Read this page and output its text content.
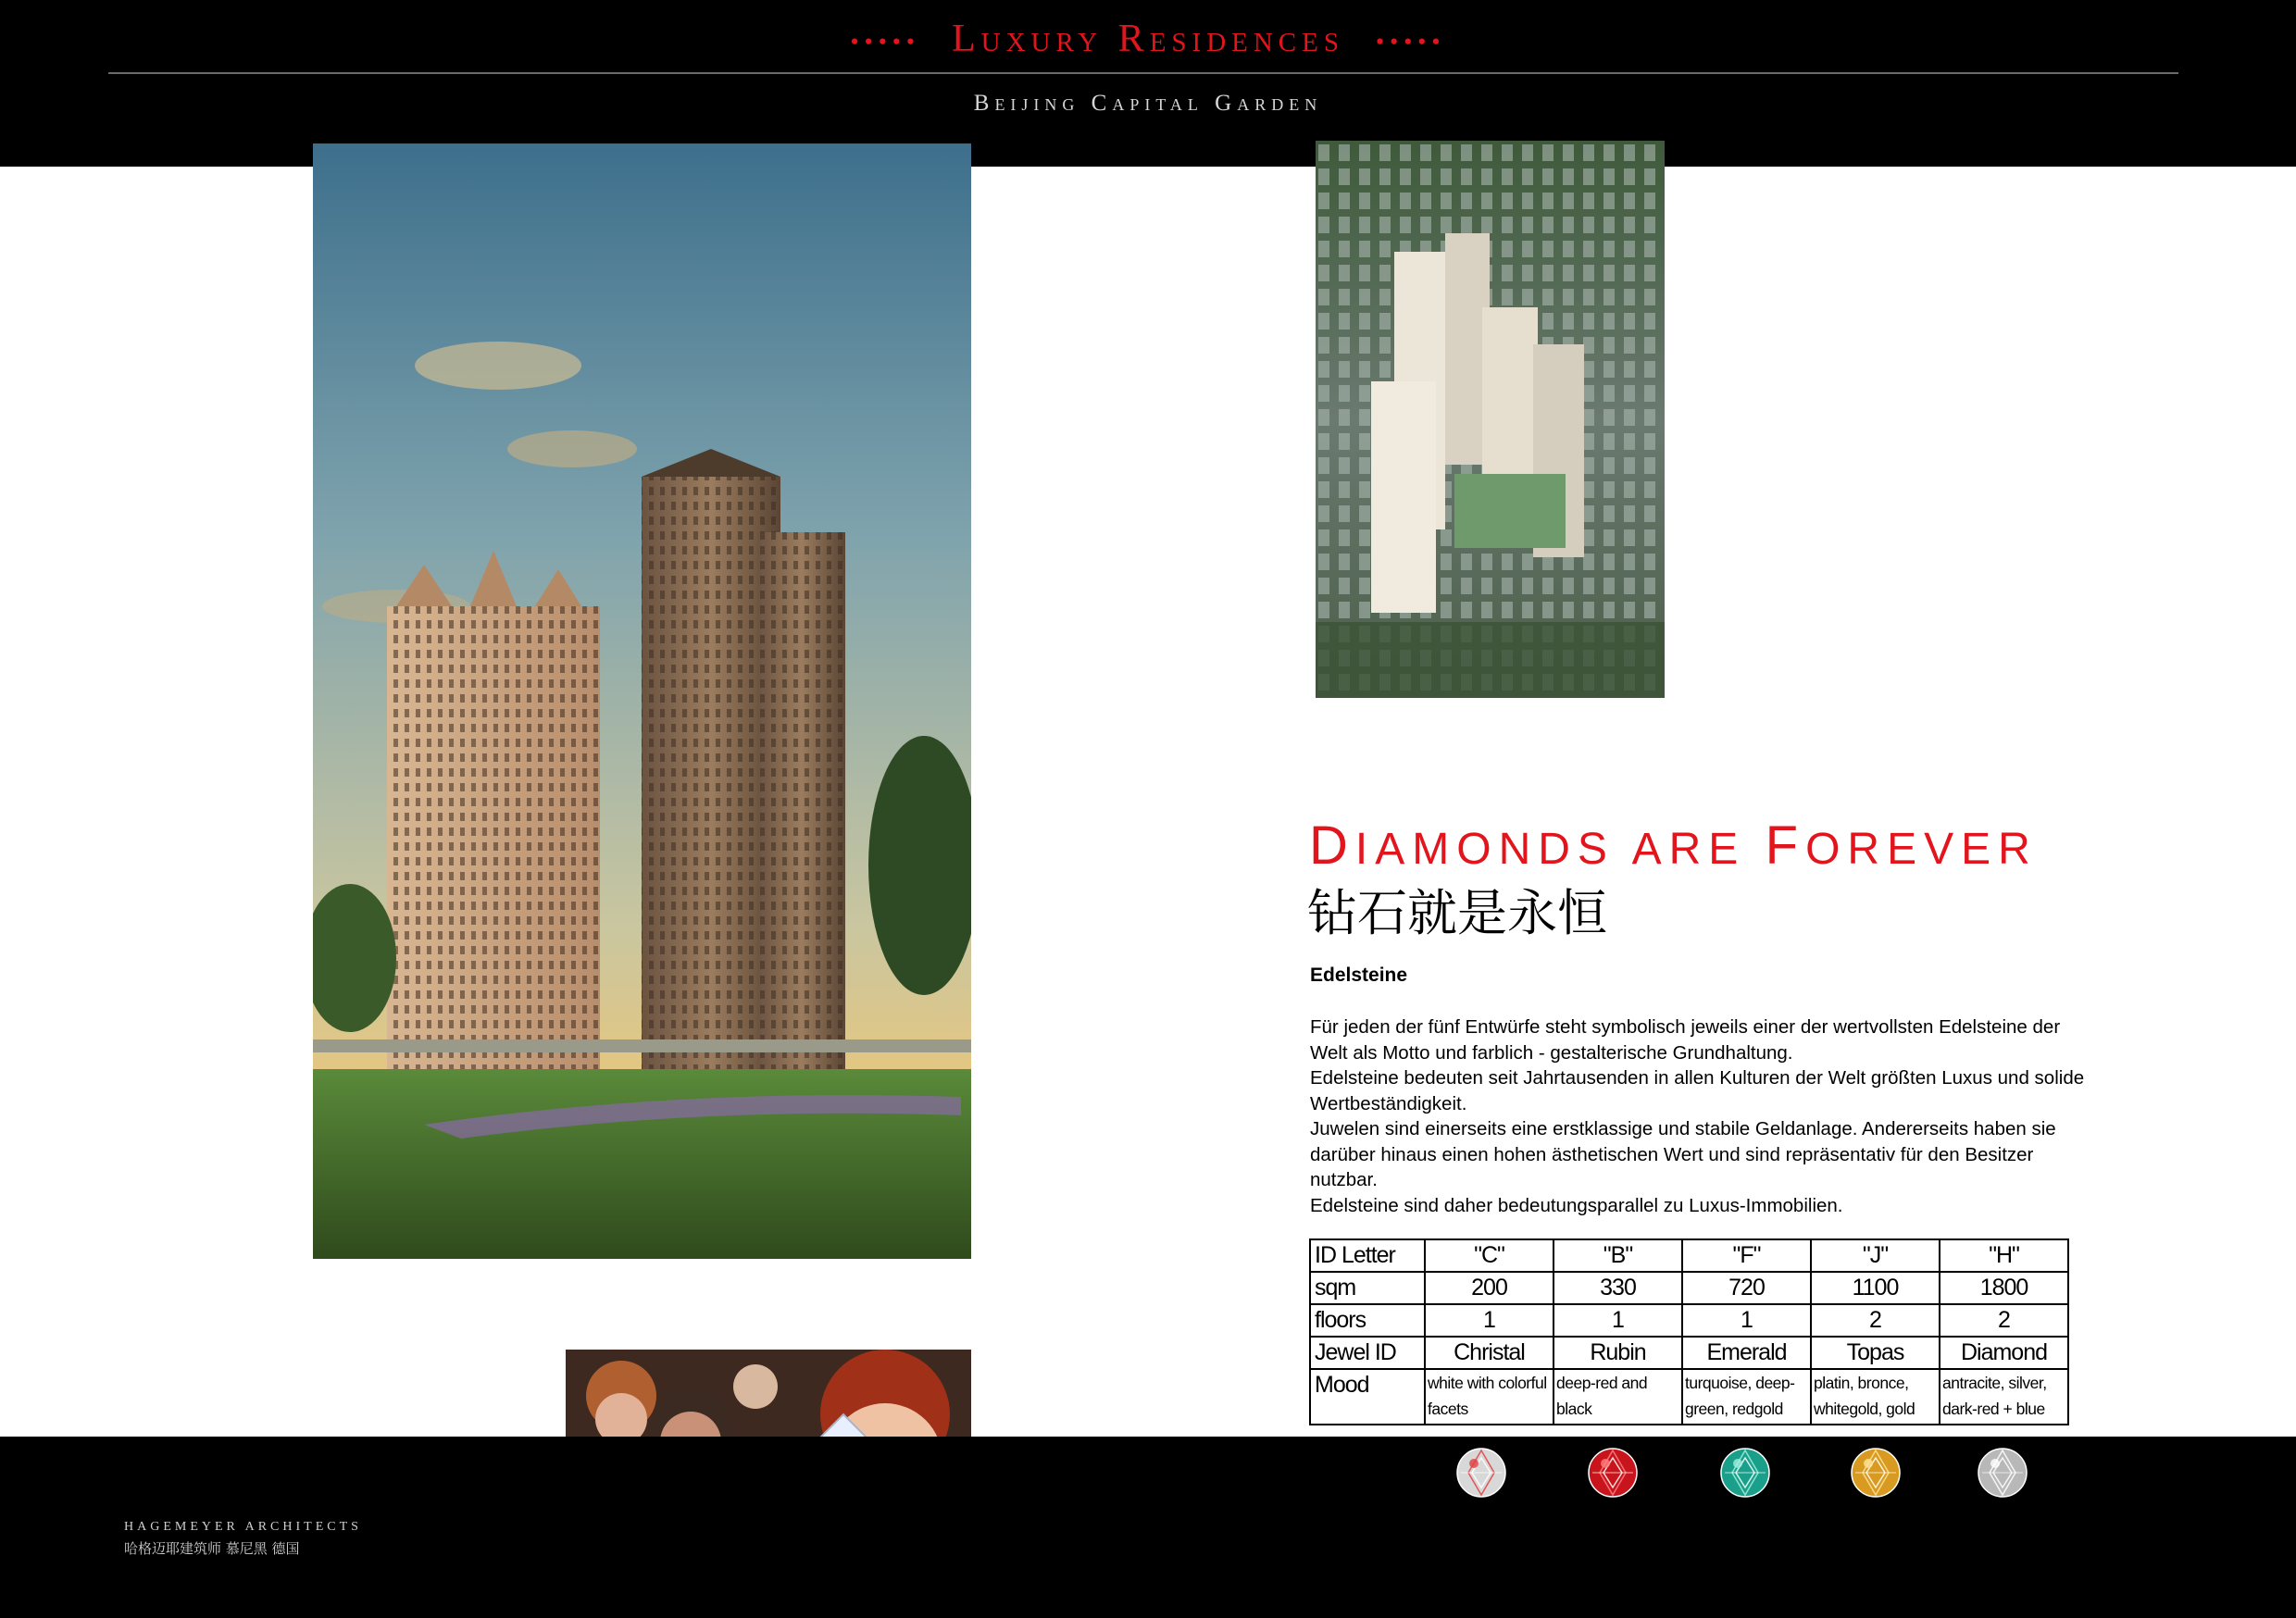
••••• Luxury Residences •••••
Beijing Capital Garden
DIAMONDS ARE FOREVER
钻石就是永恒
Edelsteine

Für jeden der fünf Entwürfe steht symbolisch jeweils einer der wertvollsten Edelsteine der Welt als Motto und farblich - gestalterische Grundhaltung.

Edelsteine bedeuten seit Jahrtausenden in allen Kulturen der Welt größten Luxus und solide Wertbeständigkeit.

Juwelen sind einerseits eine erstklassige und stabile Geldanlage. Andererseits haben sie darüber hinaus einen hohen ästhetischen Wert und sind repräsentativ für den Besitzer nutzbar.

Edelsteine sind daher bedeutungsparallel zu Luxus-Immobilien.

ID Letter	"C"	"B"	"F"	"J"	"H"
sqm	200	330	720	1100	1800
floors	1	1	1	2	2
Jewel ID	Christal	Rubin	Emerald	Topas	Diamond
Mood	white with colorful facets	deep-red and black	turquoise, deep-green, redgold	platin, bronce, whitegold, gold	antracite, silver, dark-red + blue
HAGEMEYER ARCHITECTS
哈格迈耶建筑师 慕尼黑 德国
